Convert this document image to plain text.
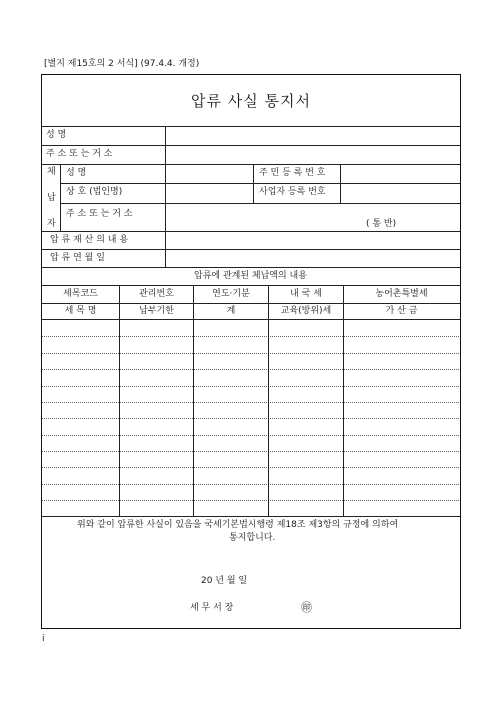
[별지 제15호의 2 서식] (97.4.4. 개정)
압류 사실 통지서
성 명
주 소 또 는 거 소
체
납
자
성 명	주 민 등 록 번 호
상 호 (법인명)	사업자 등록 번호
주 소 또 는 거 소
( 통 반)
압 류 재 산 의 내 용
압 류 연 월 일
압류에 관계된 체납액의 내용
세목코드	관리번호	연도·기분	내 국 세	농어촌특별세
세 목 명	납부기한	계	교육(방위)세	가 산 금
위와 같이 압류한 사실이 있음을 국세기본법시행령 제18조 제3항의 규정에 의하여
통지합니다.
20 년 월 일
세 무 서 장	㊞
i
